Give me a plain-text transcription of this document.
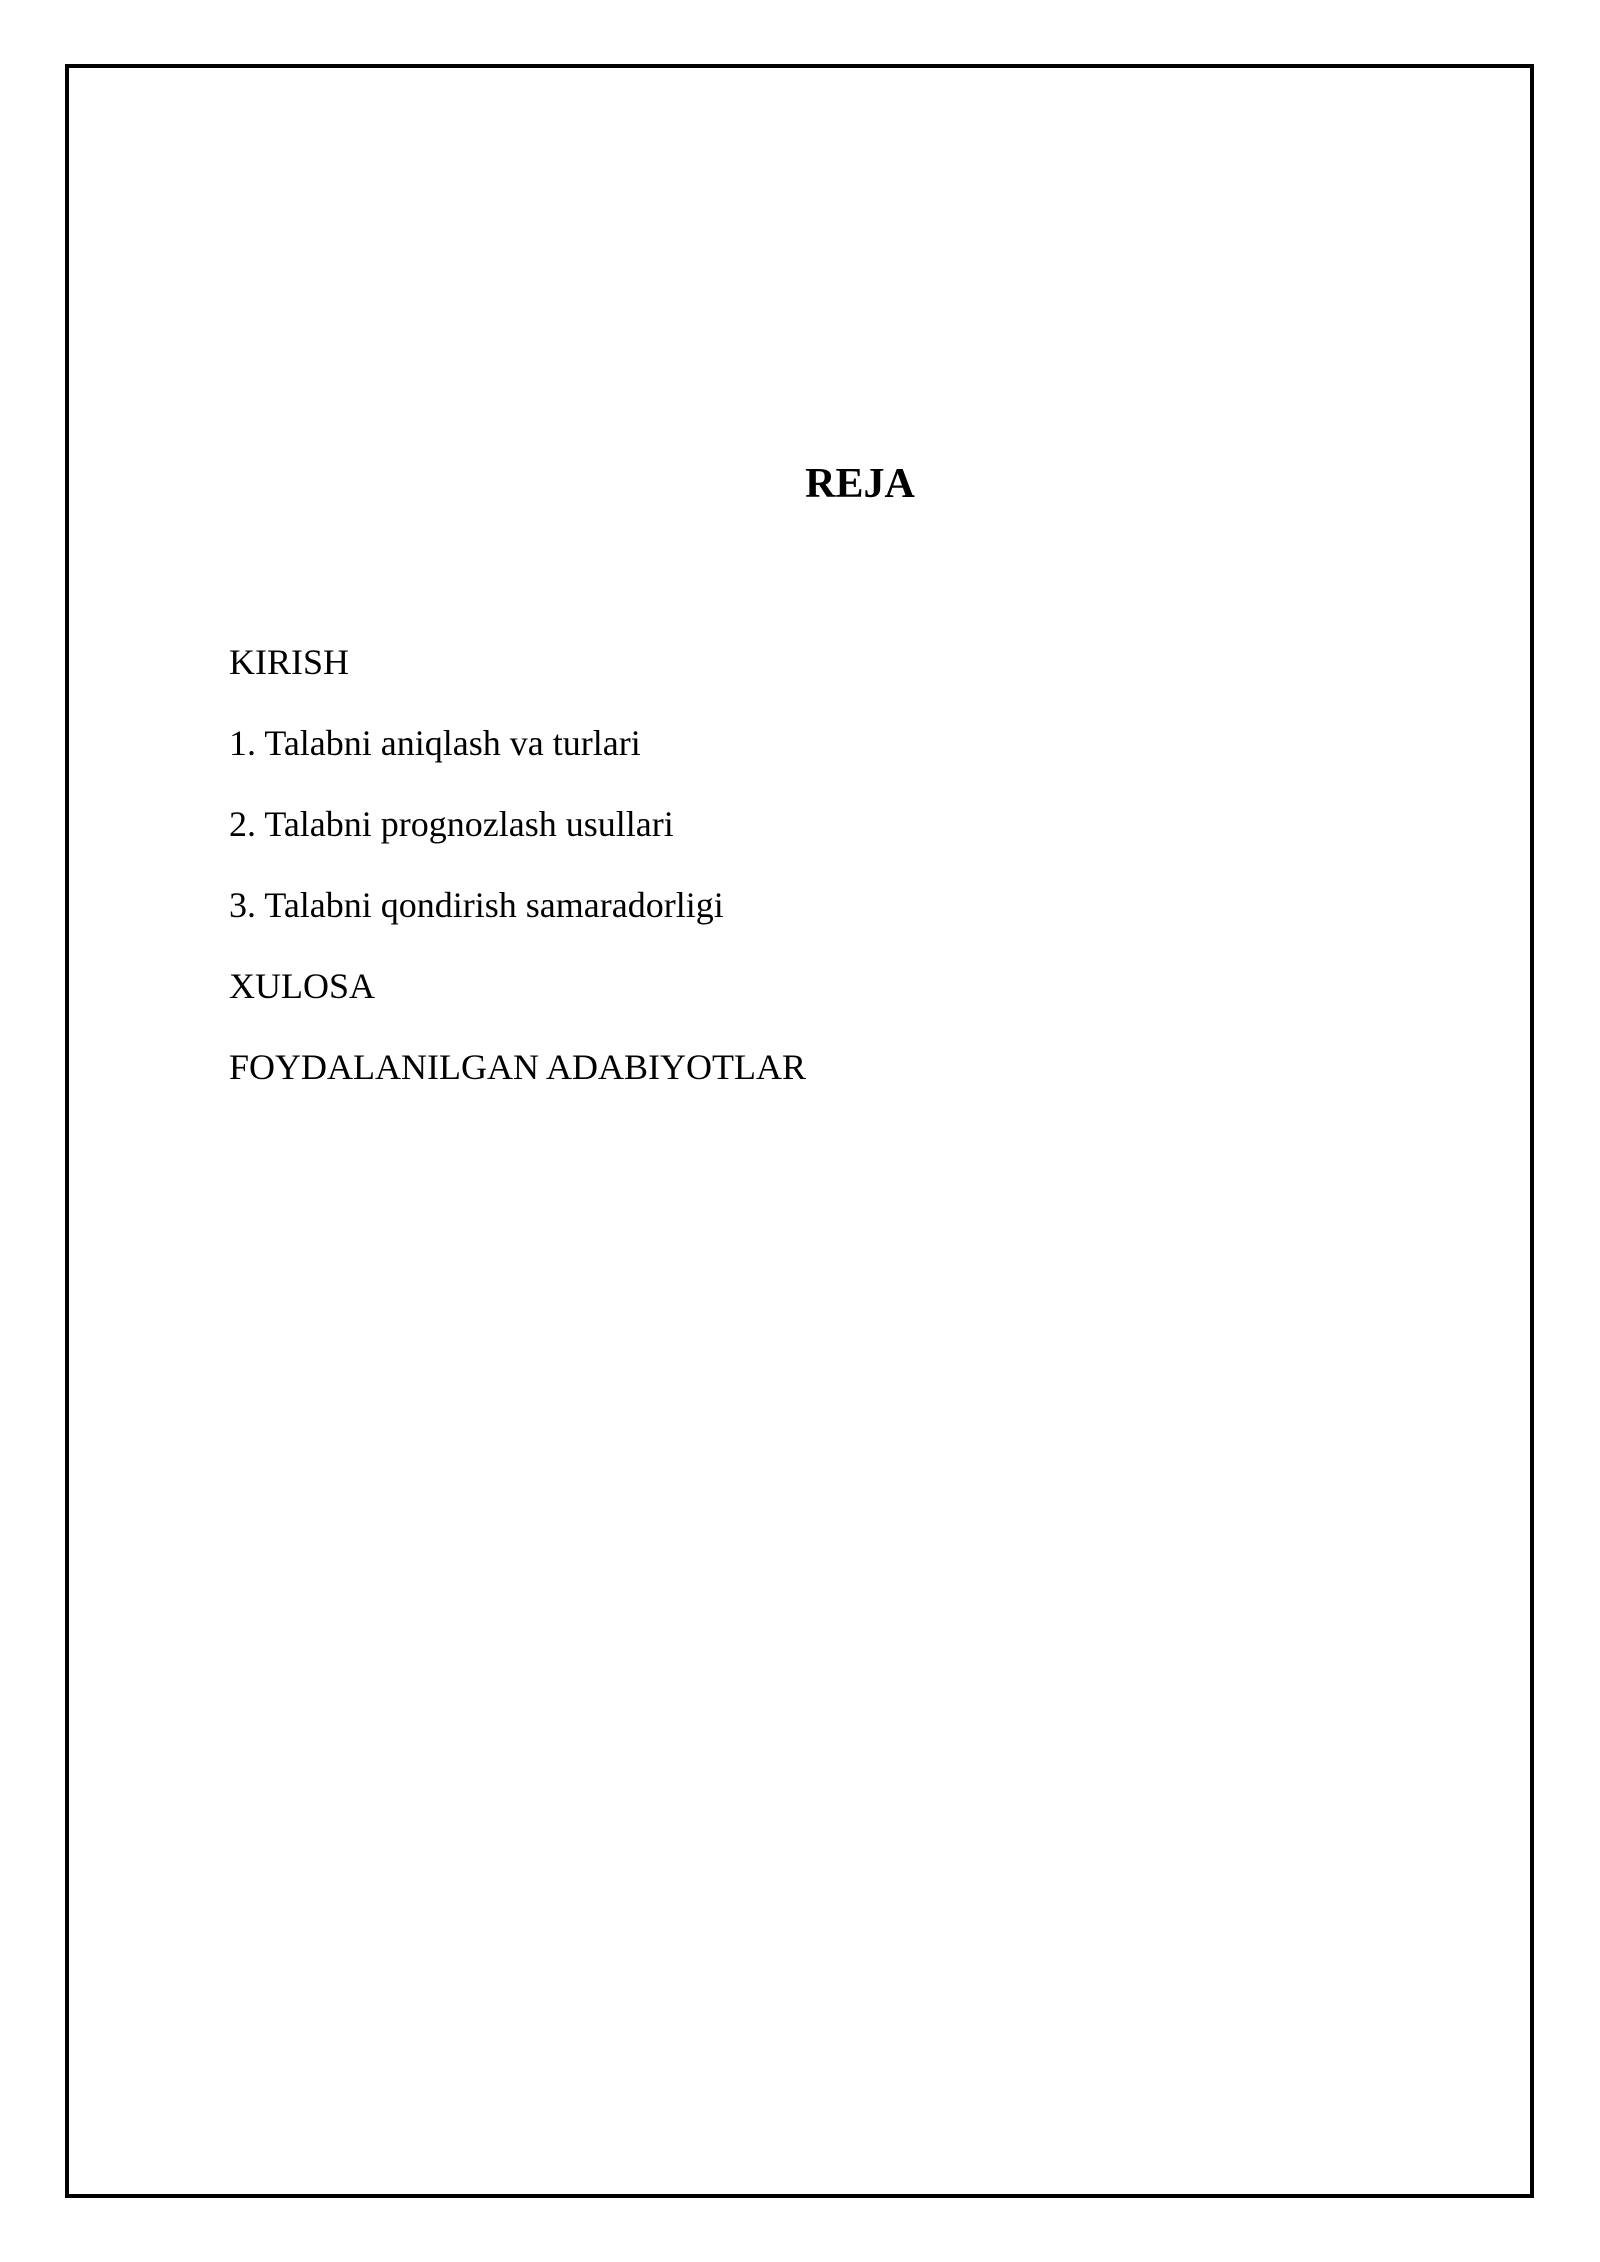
REJA
KIRISH
1. Talabni aniqlash va turlari
2. Talabni prognozlash usullari
3. Talabni qondirish samaradorligi
XULOSA
FOYDALANILGAN ADABIYOTLAR
